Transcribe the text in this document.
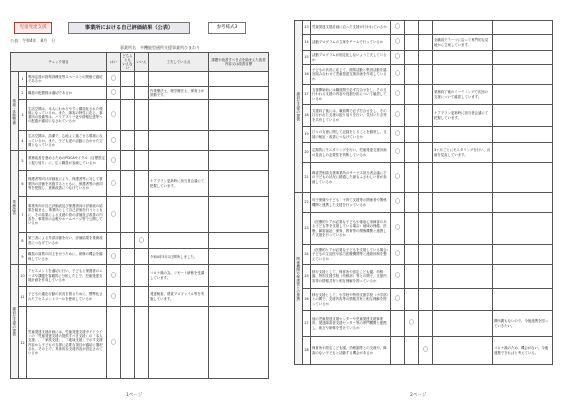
児童発達支援	事業所における自己評価結果（公表）	参考様式3
公表：令和4年　8月　日
事業所名　多機能型通所支援事業所ひまわり
チェック項目			はい	どちらとも いえない	いいえ	工夫している点	課題や改善すべき点を踏まえた改善内容又は改善目標
環境・体制整備	1	利用定員が指導訓練室等スペースとの関係で適切であるか	〇				
	2	職員の配置数は適切であるか	〇			作業療法士、理学療法士、保育士が常勤です。	
	3	生活空間は、本人にわかりやすく構造化された環境になっているか。また、障害の特性に応じ、事業所の設備等は、バリアフリー化や情報伝達等への配慮が適切になされているか	〇				
	4	生活空間は、清潔で、心地よく過ごせる環境になっているか。また、子ども達の活動に合わせた空間となっているか	〇				
業務改善	5	業務改善を進めるためのPDCAサイクル（目標設定と振り返り）に、広く職員が参画しているか	〇				
	6	保護者等向け評価表により、保護者等に対して事業所の評価を実施するとともに、保護者等の意向等を把握し、業務改善につなげているか	〇			ケアプラン更新時に担当者会議にて把握しています。	
	7	事業所向け自己評価表及び保護者向け評価表の結果を踏まえ、事業所として自己評価を行うとともに、その結果による支援の質の評価及び改善の内容を、事業所の会報やホームページ等で公開しているか	〇				
	8	第三者による外部評価を行い、評価結果を業務改善につなげているか			〇		
	9	職員の資質の向上を行うために、研修の機会を確保しているか	〇			令和4年5月1日開所しました。	
適切な支援の提供	10	アセスメントを適切に行い、子どもと保護者のニーズや課題を客観的に分析した上で、児童発達支援計画を作成しているか	〇			コロナ禍の為、リモート研修を受講しています。	
	11	子どもの適応行動の状況を図るために、標準化されたアセスメントツールを使用しているか	〇			発達検査、感覚プロファイル等を実施しています。	
	12	児童発達支援計画には、児童発達支援ガイドラインの「児童発達支援の提供すべき支援」の「本人支援」、「家族支援」、「地域支援」で示す支援内容から子どもの支援に必要な項目が適切に選択され、その上で、具体的な支援内容が設定されているか	〇				
1ページ
適切な支援の提供	13	児童発達支援計画に沿った支援が行われているか	〇				
	14	活動プログラムの立案をチームで行っているか	〇			全職員でテーマに沿って専門的な見地から立案しています。	
	15	活動プログラムが固定化しないよう工夫しているか	〇				
	16	子どもの状況に応じて、個別活動と集団活動を適宜組み合わせて児童発達支援計画を作成しているか	〇				
	17	支援開始前には職員間で必ず打合せをし、その日行われる支援の内容や役割分担について確認しているか	〇			業務終了後のミーティングで次回の支援について確認しています。	
	18	支援終了後には、職員間で必ず打合せをし、その日行われた支援の振り返りを行い、気付いた点等を共有しているか	〇			ケアプラン更新時に担当者会議にて把握しています。	
	19	日々の支援に関して記録をとることを徹底し、支援の検証・改善につなげているか	〇				
	20	定期的にモニタリングを行い、児童発達支援計画の見直しの必要性を判断しているか	〇			3ヶ月ごとにモニタリングを行い、計画を見直しています。	
	21	障害児相談支援事業所のサービス担当者会議にその子どもの状況に精通した最もふさわしい者が参画しているか	〇				
関係機関や保護者との連携	22	母子保健や子ども・子育て支援等の関係者や関係機関と連携した支援を行っているか	〇				
	23	（医療的ケアが必要な子どもや重症心身障害のある子ども等を支援している場合）地域の保健、医療、障害福祉、保育、教育等の関係機関と連携した支援を行っているか	〇				
	24	（医療的ケアが必要な子どもを支援している場合）子どもの主治医や協力医療機関等と連絡体制を整えているか	〇				
	25	移行支援として、保育所や認定こども園、幼稚園、特別支援学校（幼稚部）等との間で、支援内容等の情報共有と相互理解を図っているか	〇				
	26	移行支援として、小学校や特別支援学校（小学部）との間で、支援内容等の情報共有と相互理解を図っているか	〇				
	27	他の児童発達支援センターや児童発達支援事業所、発達障害者支援センター等の専門機関と連携し、助言や研修を受けているか		〇			開所間もないので、今後連携を図っていきたい。
	28	保育所や認定こども園、幼稚園等との交流や、障害のない子どもと活動する機会があるか			〇		コロナ禍のため、機会がない。今後連携できればと考えている。
2ページ
